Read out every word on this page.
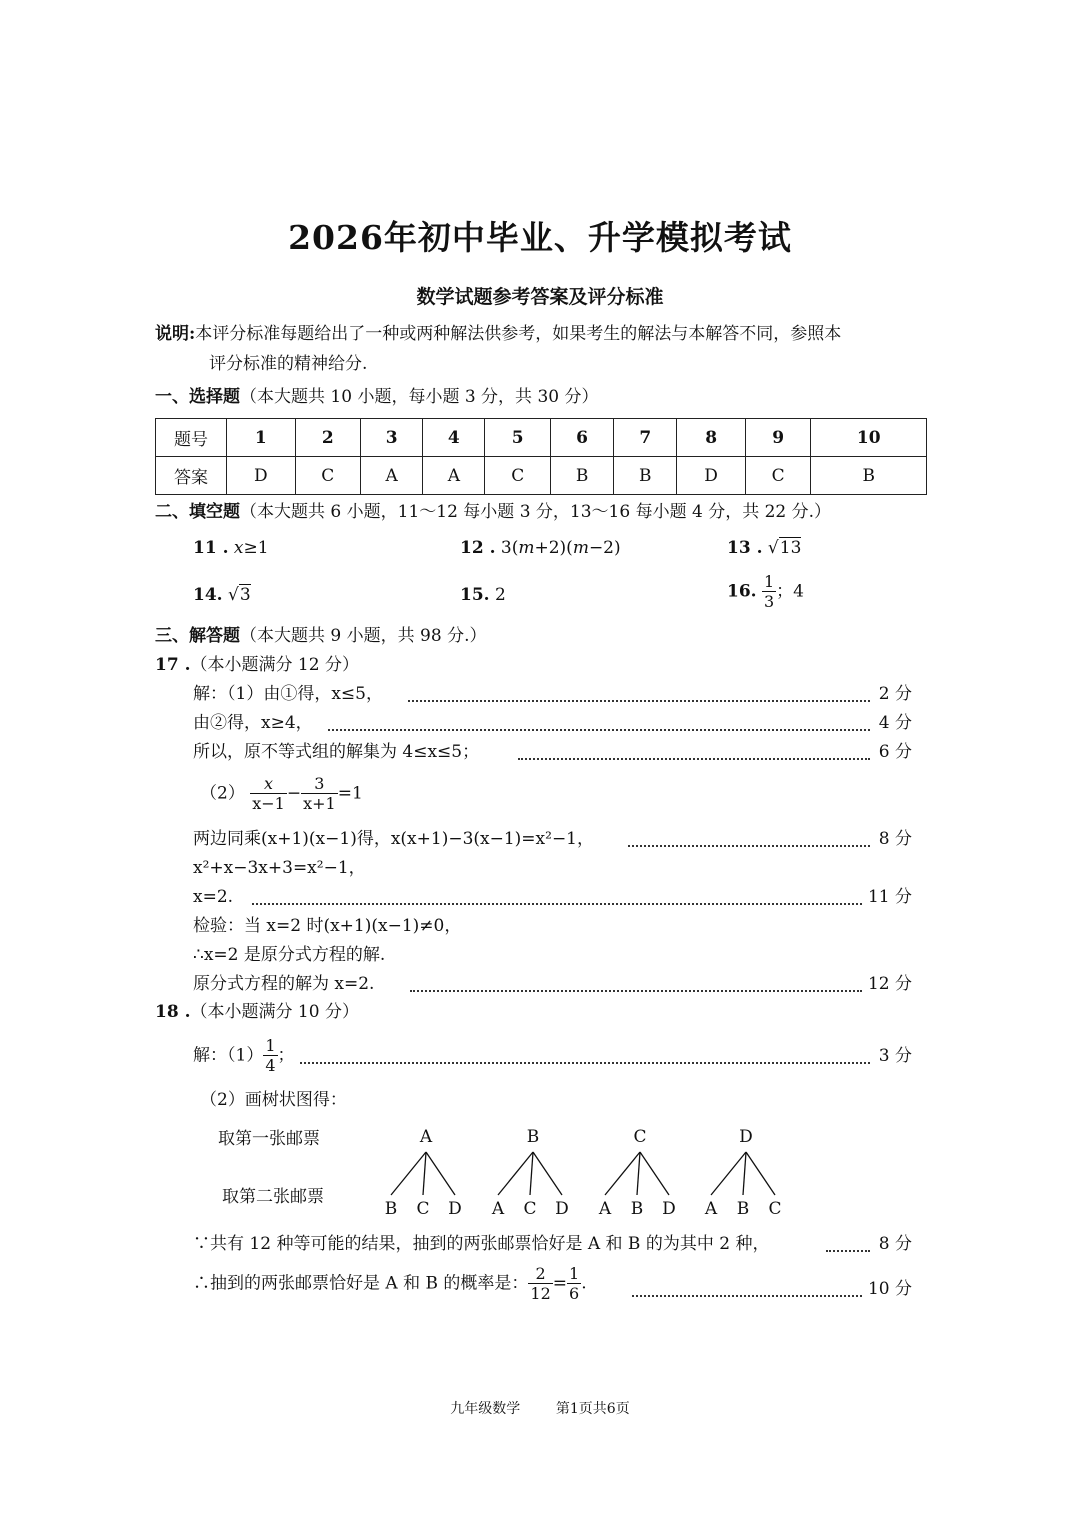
2026年初中毕业、升学模拟考试
数学试题参考答案及评分标准
说明:本评分标准每题给出了一种或两种解法供参考，如果考生的解法与本解答不同，参照本
评分标准的精神给分.
一、选择题（本大题共 10 小题，每小题 3 分，共 30 分）
题号	1	2	3	4	5	6	7	8	9	10
答案	D	C	A	A	C	B	B	D	C	B
二、填空题（本大题共 6 小题，11～12 每小题 3 分，13～16 每小题 4 分，共 22 分.）
11 . x≥1	12 . 3(m+2)(m−2)	13 . √13
14. √3	15. 2	16. $\frac{1}{3}$ ；4
三、解答题（本大题共 9 小题，共 98 分.）
17 .（本小题满分 12 分）
解：（1）由①得，x≤5，	2 分
由②得，x≥4，	4 分
所以，原不等式组的解集为 4≤x≤5；	6 分
$(2) \frac{x}{x-1} - \frac{3}{x+1} =1$
两边同乘(x+1)(x−1)得，x(x+1)−3(x−1)=x²−1，	8 分
x²+x−3x+3=x²−1，
x=2.	11 分
检验：当 x=2 时(x+1)(x−1)≠0，
∴x=2 是原分式方程的解.
原分式方程的解为 x=2.	12 分
18 .（本小题满分 10 分）
解：$(1) \frac{1}{4}$ ；	3 分
（2）画树状图得：
取第一张邮票
取第二张邮票
A
B C D
B
A C D
C
A B D
D
A B C
∵共有 12 种等可能的结果，抽到的两张邮票恰好是 A 和 B 的为其中 2 种，	8 分
∴抽到的两张邮票恰好是 A 和 B 的概率是： $\frac{2}{12} = \frac{1}{6}$ .	10 分
九年级数学	第1页共6页
